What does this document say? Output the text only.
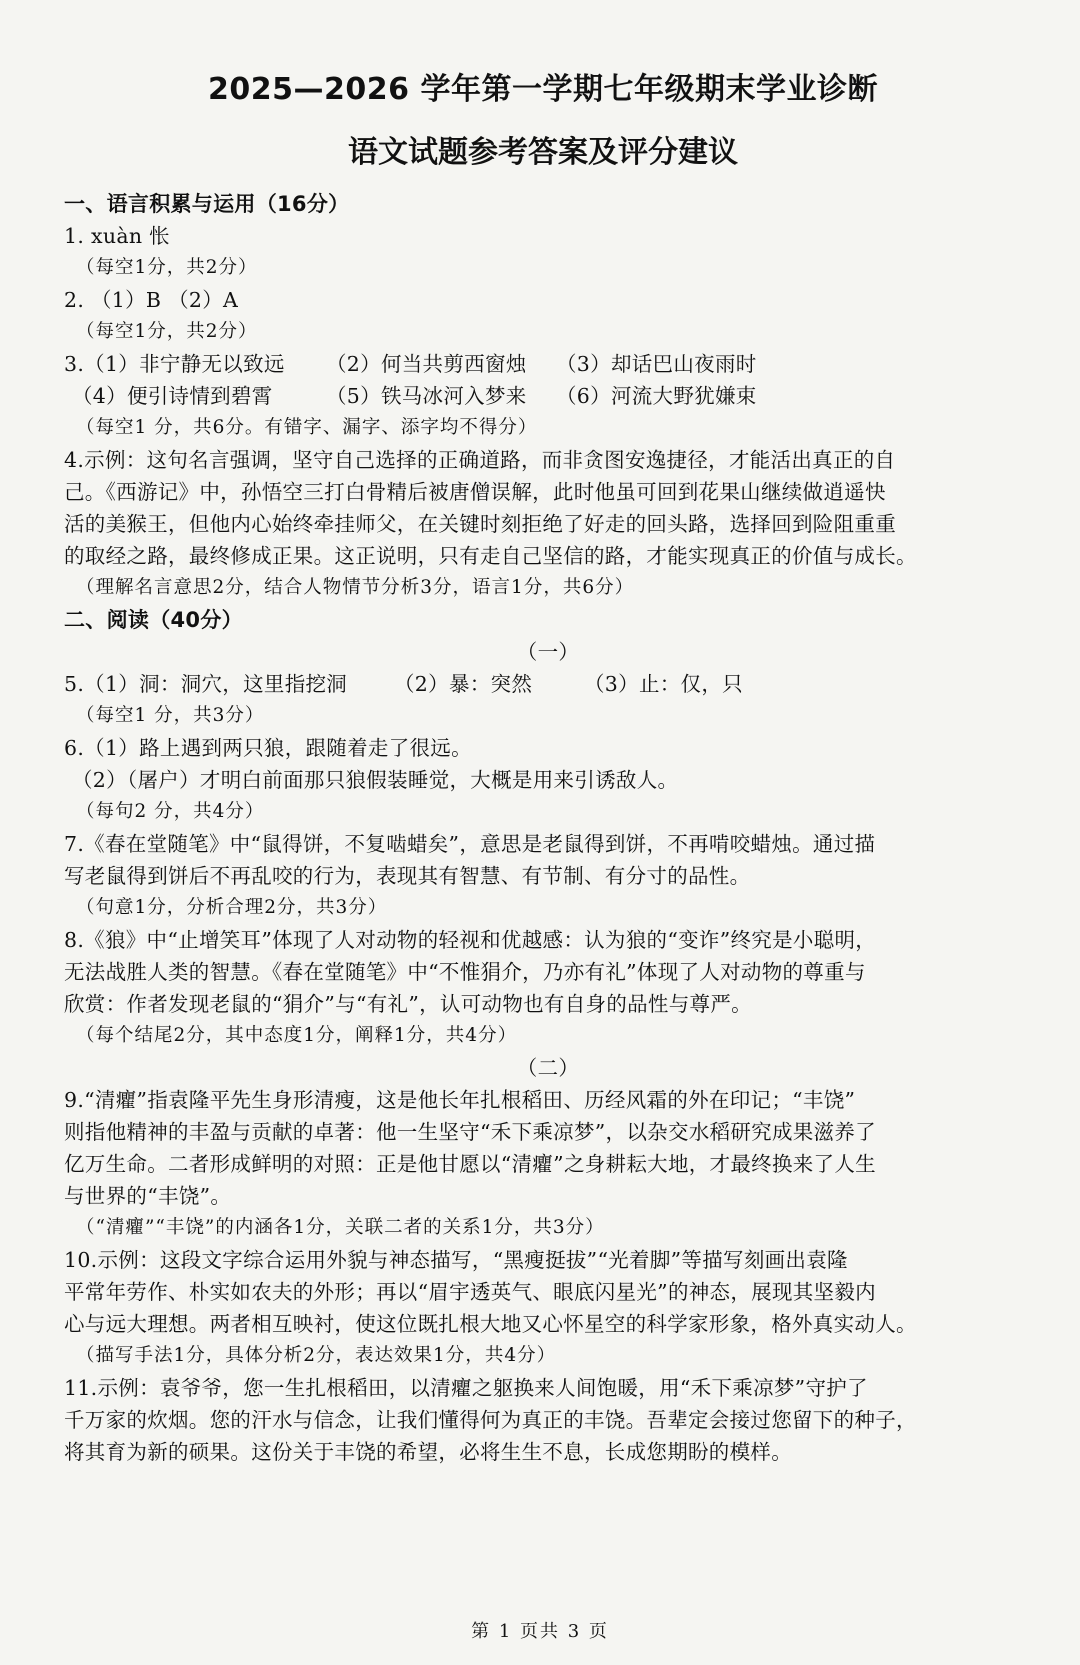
2025—2026 学年第一学期七年级期末学业诊断
语文试题参考答案及评分建议
一、语言积累与运用（16分）
1. xuàn 怅
（每空1分，共2分）
2. （1）B （2）A
（每空1分，共2分）
3.（1）非宁静无以致远 （2）何当共剪西窗烛 （3）却话巴山夜雨时
（4）便引诗情到碧霄	（5）铁马冰河入梦来 （6）河流大野犹嫌束
（每空1 分，共6分。有错字、漏字、添字均不得分）
4.示例：这句名言强调，坚守自己选择的正确道路，而非贪图安逸捷径，才能活出真正的自
己。《西游记》中，孙悟空三打白骨精后被唐僧误解，此时他虽可回到花果山继续做逍遥快
活的美猴王，但他内心始终牵挂师父，在关键时刻拒绝了好走的回头路，选择回到险阻重重
的取经之路，最终修成正果。这正说明，只有走自己坚信的路，才能实现真正的价值与成长。
（理解名言意思2分，结合人物情节分析3分，语言1分，共6分）
二、阅读（40分）
（一）
5.（1）洞：洞穴，这里指挖洞 （2）暴：突然	（3）止：仅，只
（每空1 分，共3分）
6.（1）路上遇到两只狼，跟随着走了很远。
（2）（屠户）才明白前面那只狼假装睡觉，大概是用来引诱敌人。
（每句2 分，共4分）
7.《春在堂随笔》中“鼠得饼，不复啮蜡矣”，意思是老鼠得到饼，不再啃咬蜡烛。通过描
写老鼠得到饼后不再乱咬的行为，表现其有智慧、有节制、有分寸的品性。
（句意1分，分析合理2分，共3分）
8.《狼》中“止增笑耳”体现了人对动物的轻视和优越感：认为狼的“变诈”终究是小聪明，
无法战胜人类的智慧。《春在堂随笔》中“不惟狷介，乃亦有礼”体现了人对动物的尊重与
欣赏：作者发现老鼠的“狷介”与“有礼”，认可动物也有自身的品性与尊严。
（每个结尾2分，其中态度1分，阐释1分，共4分）
（二）
9.“清癯”指袁隆平先生身形清瘦，这是他长年扎根稻田、历经风霜的外在印记；“丰饶”
则指他精神的丰盈与贡献的卓著：他一生坚守“禾下乘凉梦”，以杂交水稻研究成果滋养了
亿万生命。二者形成鲜明的对照：正是他甘愿以“清癯”之身耕耘大地，才最终换来了人生
与世界的“丰饶”。
（“清癯”“丰饶”的内涵各1分，关联二者的关系1分，共3分）
10.示例：这段文字综合运用外貌与神态描写，“黑瘦挺拔”“光着脚”等描写刻画出袁隆
平常年劳作、朴实如农夫的外形；再以“眉宇透英气、眼底闪星光”的神态，展现其坚毅内
心与远大理想。两者相互映衬，使这位既扎根大地又心怀星空的科学家形象，格外真实动人。
（描写手法1分，具体分析2分，表达效果1分，共4分）
11.示例：袁爷爷，您一生扎根稻田，以清癯之躯换来人间饱暖，用“禾下乘凉梦”守护了
千万家的炊烟。您的汗水与信念，让我们懂得何为真正的丰饶。吾辈定会接过您留下的种子，
将其育为新的硕果。这份关于丰饶的希望，必将生生不息，长成您期盼的模样。
第 1 页共 3 页
